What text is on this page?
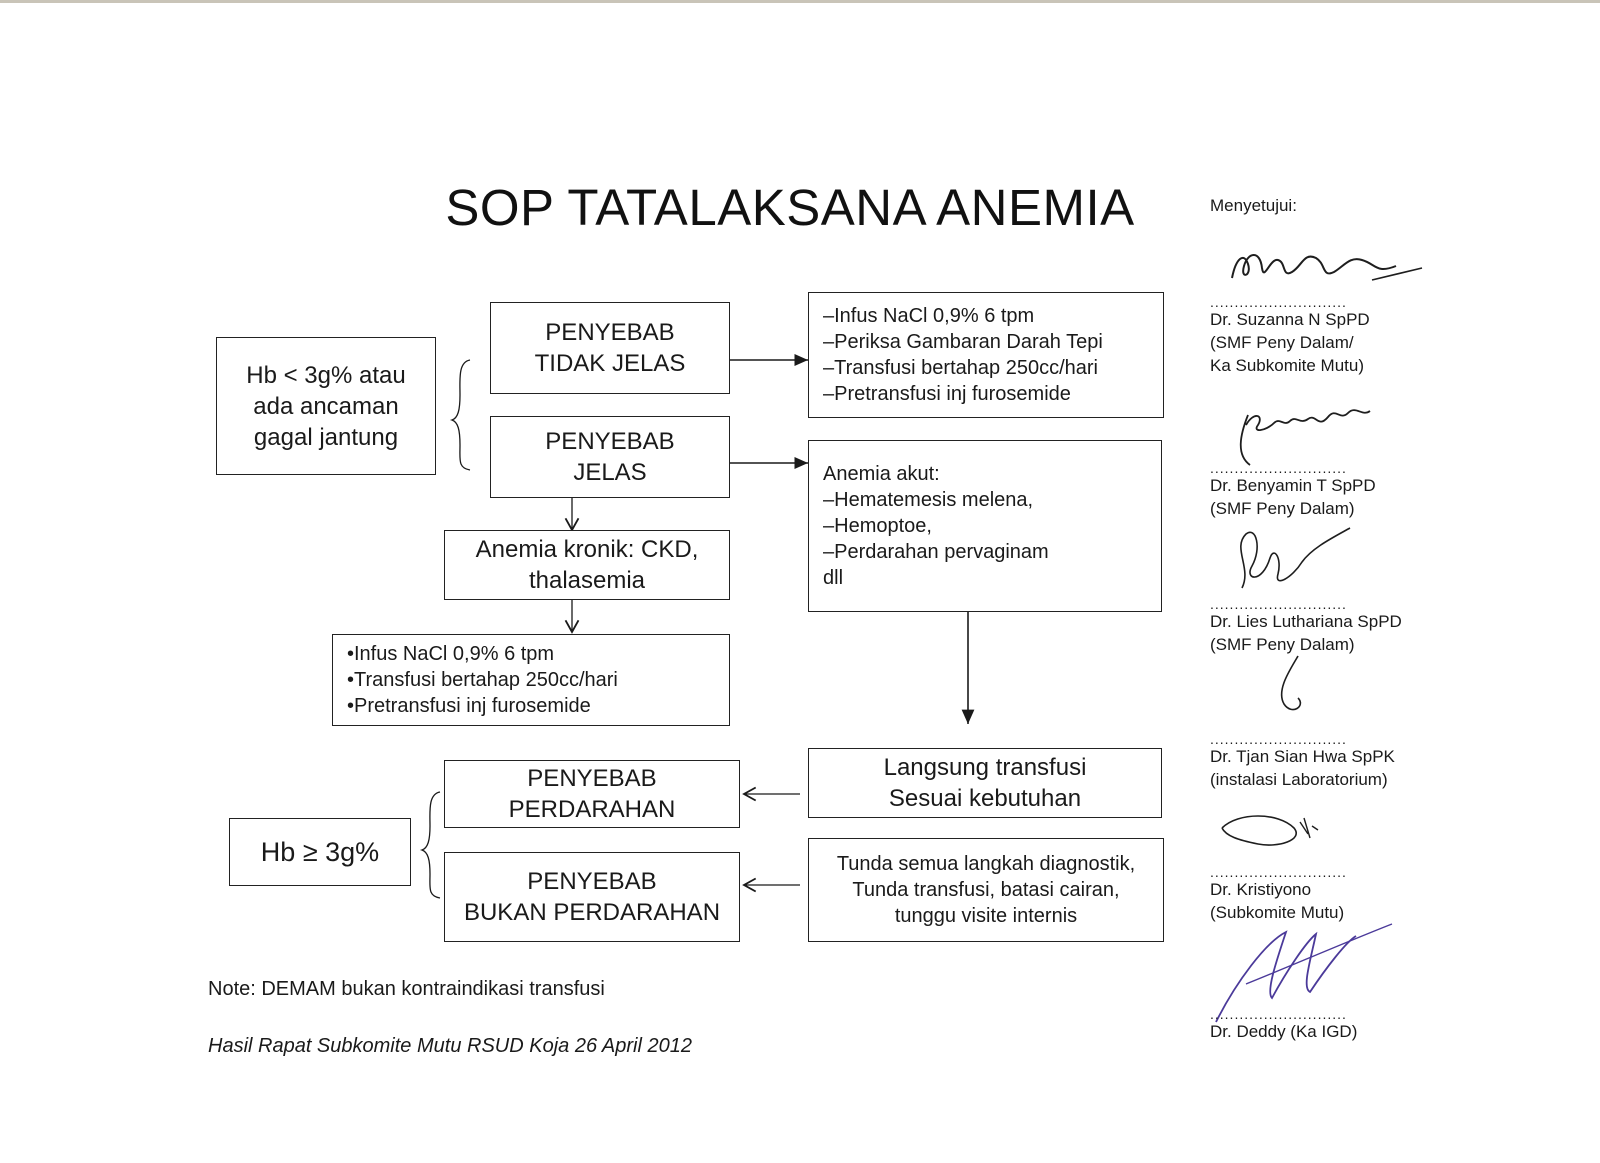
SOP TATALAKSANA ANEMIA
Hb < 3g% atau
ada ancaman
gagal jantung
PENYEBAB
TIDAK JELAS
PENYEBAB
JELAS
–Infus NaCl 0,9% 6 tpm
–Periksa Gambaran Darah Tepi
–Transfusi bertahap 250cc/hari
–Pretransfusi inj furosemide
Anemia akut:
–Hematemesis melena,
–Hemoptoe,
–Perdarahan pervaginam
dll
Anemia kronik: CKD,
thalasemia
•Infus NaCl 0,9% 6 tpm
•Transfusi bertahap 250cc/hari
•Pretransfusi inj furosemide
Langsung transfusi
Sesuai kebutuhan
PENYEBAB
PERDARAHAN
Hb ≥ 3g%
PENYEBAB
BUKAN PERDARAHAN
Tunda semua langkah diagnostik,
Tunda transfusi, batasi cairan,
tunggu visite internis
Note: DEMAM bukan kontraindikasi transfusi
Hasil Rapat Subkomite Mutu RSUD Koja 26 April 2012
Menyetujui:
............................
Dr. Suzanna N SpPD
(SMF Peny Dalam/
Ka Subkomite Mutu)
............................
Dr. Benyamin T SpPD
(SMF Peny Dalam)
............................
Dr. Lies Luthariana SpPD
(SMF Peny Dalam)
............................
Dr. Tjan Sian Hwa SpPK
(instalasi Laboratorium)
............................
Dr. Kristiyono
(Subkomite Mutu)
............................
Dr. Deddy (Ka IGD)
